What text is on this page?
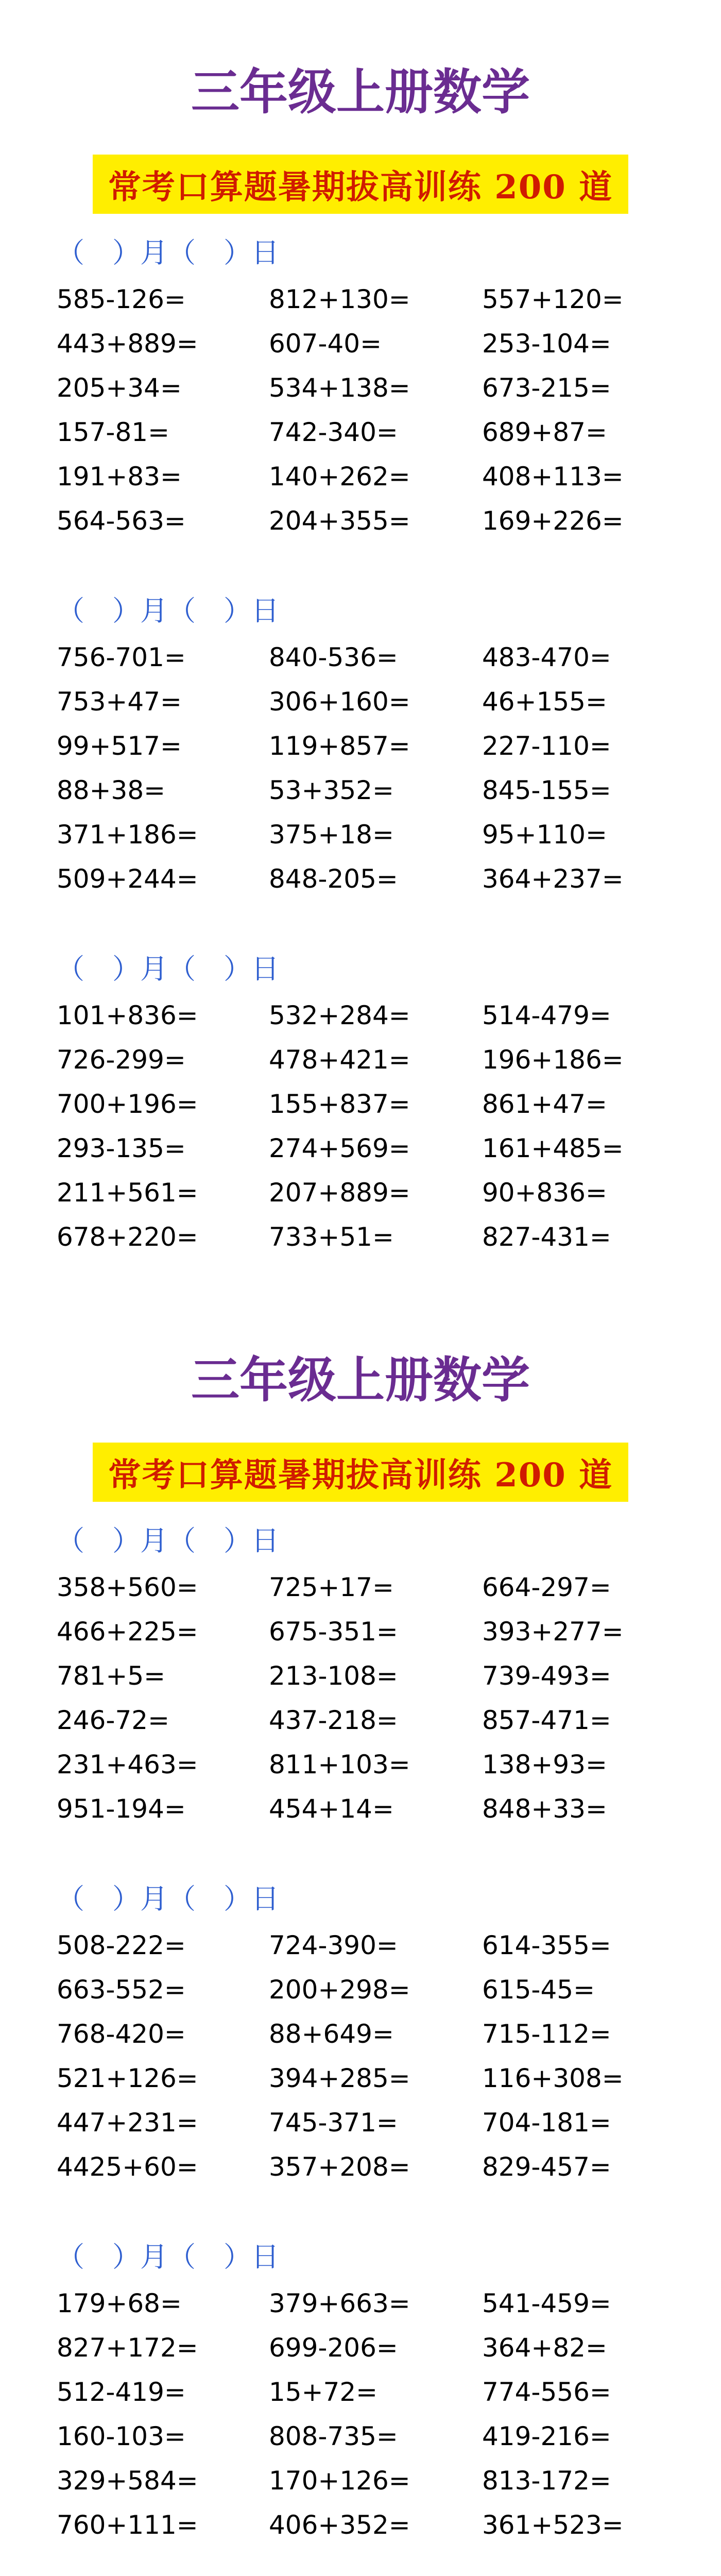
三年级上册数学
常考口算题暑期拔高训练 200 道
（　）月（　）日
585-126=	812+130=	557+120=
443+889=	607-40=	253-104=
205+34=	534+138=	673-215=
157-81=	742-340=	689+87=
191+83=	140+262=	408+113=
564-563=	204+355=	169+226=
（　）月（　）日
756-701=	840-536=	483-470=
753+47=	306+160=	46+155=
99+517=	119+857=	227-110=
88+38=	53+352=	845-155=
371+186=	375+18=	95+110=
509+244=	848-205=	364+237=
（　）月（　）日
101+836=	532+284=	514-479=
726-299=	478+421=	196+186=
700+196=	155+837=	861+47=
293-135=	274+569=	161+485=
211+561=	207+889=	90+836=
678+220=	733+51=	827-431=
三年级上册数学
常考口算题暑期拔高训练 200 道
（　）月（　）日
358+560=	725+17=	664-297=
466+225=	675-351=	393+277=
781+5=	213-108=	739-493=
246-72=	437-218=	857-471=
231+463=	811+103=	138+93=
951-194=	454+14=	848+33=
（　）月（　）日
508-222=	724-390=	614-355=
663-552=	200+298=	615-45=
768-420=	88+649=	715-112=
521+126=	394+285=	116+308=
447+231=	745-371=	704-181=
4425+60=	357+208=	829-457=
（　）月（　）日
179+68=	379+663=	541-459=
827+172=	699-206=	364+82=
512-419=	15+72=	774-556=
160-103=	808-735=	419-216=
329+584=	170+126=	813-172=
760+111=	406+352=	361+523=
